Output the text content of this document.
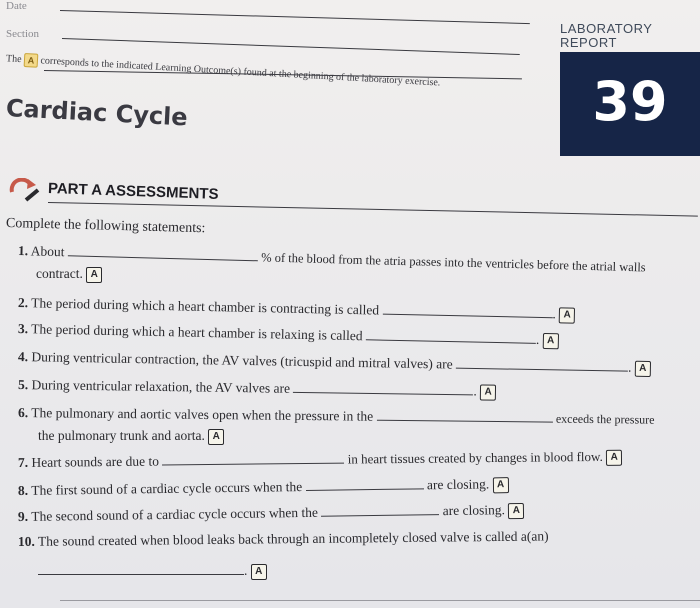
Date
Section	LABORATORY
REPORT
39
The A corresponds to the indicated Learning Outcome(s) found at the beginning of the laboratory exercise.
Cardiac Cycle
PART A ASSESSMENTS
Complete the following statements:
1. About	% of the blood from the atria passes into the ventricles before the atrial walls
contract. A
2. The period during which a heart chamber is contracting is called	. A
3. The period during which a heart chamber is relaxing is called	. A
4. During ventricular contraction, the AV valves (tricuspid and mitral valves) are	. A
5. During ventricular relaxation, the AV valves are	. A
6. The pulmonary and aortic valves open when the pressure in the	exceeds the pressure
the pulmonary trunk and aorta. A
7. Heart sounds are due to	in heart tissues created by changes in blood flow. A
8. The first sound of a cardiac cycle occurs when the	are closing. A
9. The second sound of a cardiac cycle occurs when the	are closing. A
10. The sound created when blood leaks back through an incompletely closed valve is called a(an)
. A
